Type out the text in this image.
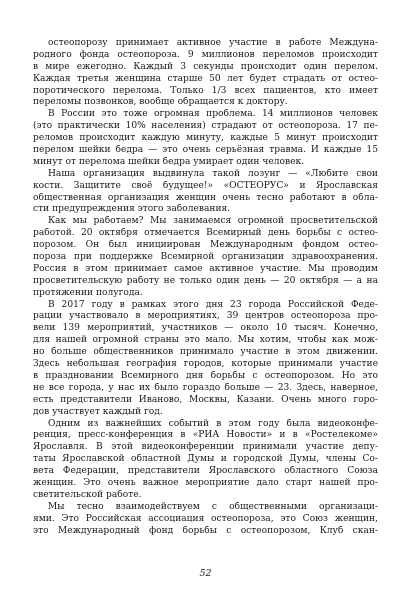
остеопорозу принимает активное участие в работе Междуна-
родного фонда остеопороза. 9 миллионов переломов происходит
в мире ежегодно. Каждый 3 секунды происходит один перелом.
Каждая третья женщина старше 50 лет будет страдать от остео-
поротического перелома. Только 1/3 всех пациентов, кто имеет
переломы позвонков, вообще обращается к доктору.
В России это тоже огромная проблема. 14 миллионов человек
(это практически 10% населения) страдают от остеопороза. 17 пе-
реломов происходит каждую минуту, каждые 5 минут происходит
перелом шейки бедра — это очень серьёзная травма. И каждые 15
минут от перелома шейки бедра умирает один человек.
Наша организация выдвинула такой лозунг — «Любите свои
кости. Защитите своё будущее!» «ОСТЕОРУС» и Ярославская
общественная организация женщин очень тесно работают в обла-
сти предупреждения этого заболевания.
Как мы работаем? Мы занимаемся огромной просветительской
работой. 20 октября отмечается Всемирный день борьбы с остео-
порозом. Он был инициирован Международным фондом остео-
пороза при поддержке Всемирной организации здравоохранения.
Россия в этом принимает самое активное участие. Мы проводим
просветительскую работу не только один день — 20 октября — а на
протяжении полугода.
В 2017 году в рамках этого дня 23 города Российской Феде-
рации участвовало в мероприятиях, 39 центров остеопороза про-
вели 139 мероприятий, участников — около 10 тысяч. Конечно,
для нашей огромной страны это мало. Мы хотим, чтобы как мож-
но больше общественников принимало участие в этом движении.
Здесь небольшая география городов, которые принимали участие
в праздновании Всемирного дня борьбы с остеопорозом. Но это
не все города, у нас их было гораздо больше — 23. Здесь, наверное,
есть представители Иваново, Москвы, Казани. Очень много горо-
дов участвует каждый год.
Одним из важнейших событий в этом году была видеоконфе-
ренция, пресс-конференция в «РИА Новости» и в «Ростелекоме»
Ярославля. В этой видеоконференции принимали участие депу-
таты Ярославской областной Думы и городской Думы, члены Со-
вета Федерации, представители Ярославского областного Союза
женщин. Это очень важное мероприятие дало старт нашей про-
светительской работе.
Мы тесно взаимодействуем с общественными организаци-
ями. Это Российская ассоциация остеопороза, это Союз женщин,
это Международный фонд борьбы с остеопорозом, Клуб скан-
52
